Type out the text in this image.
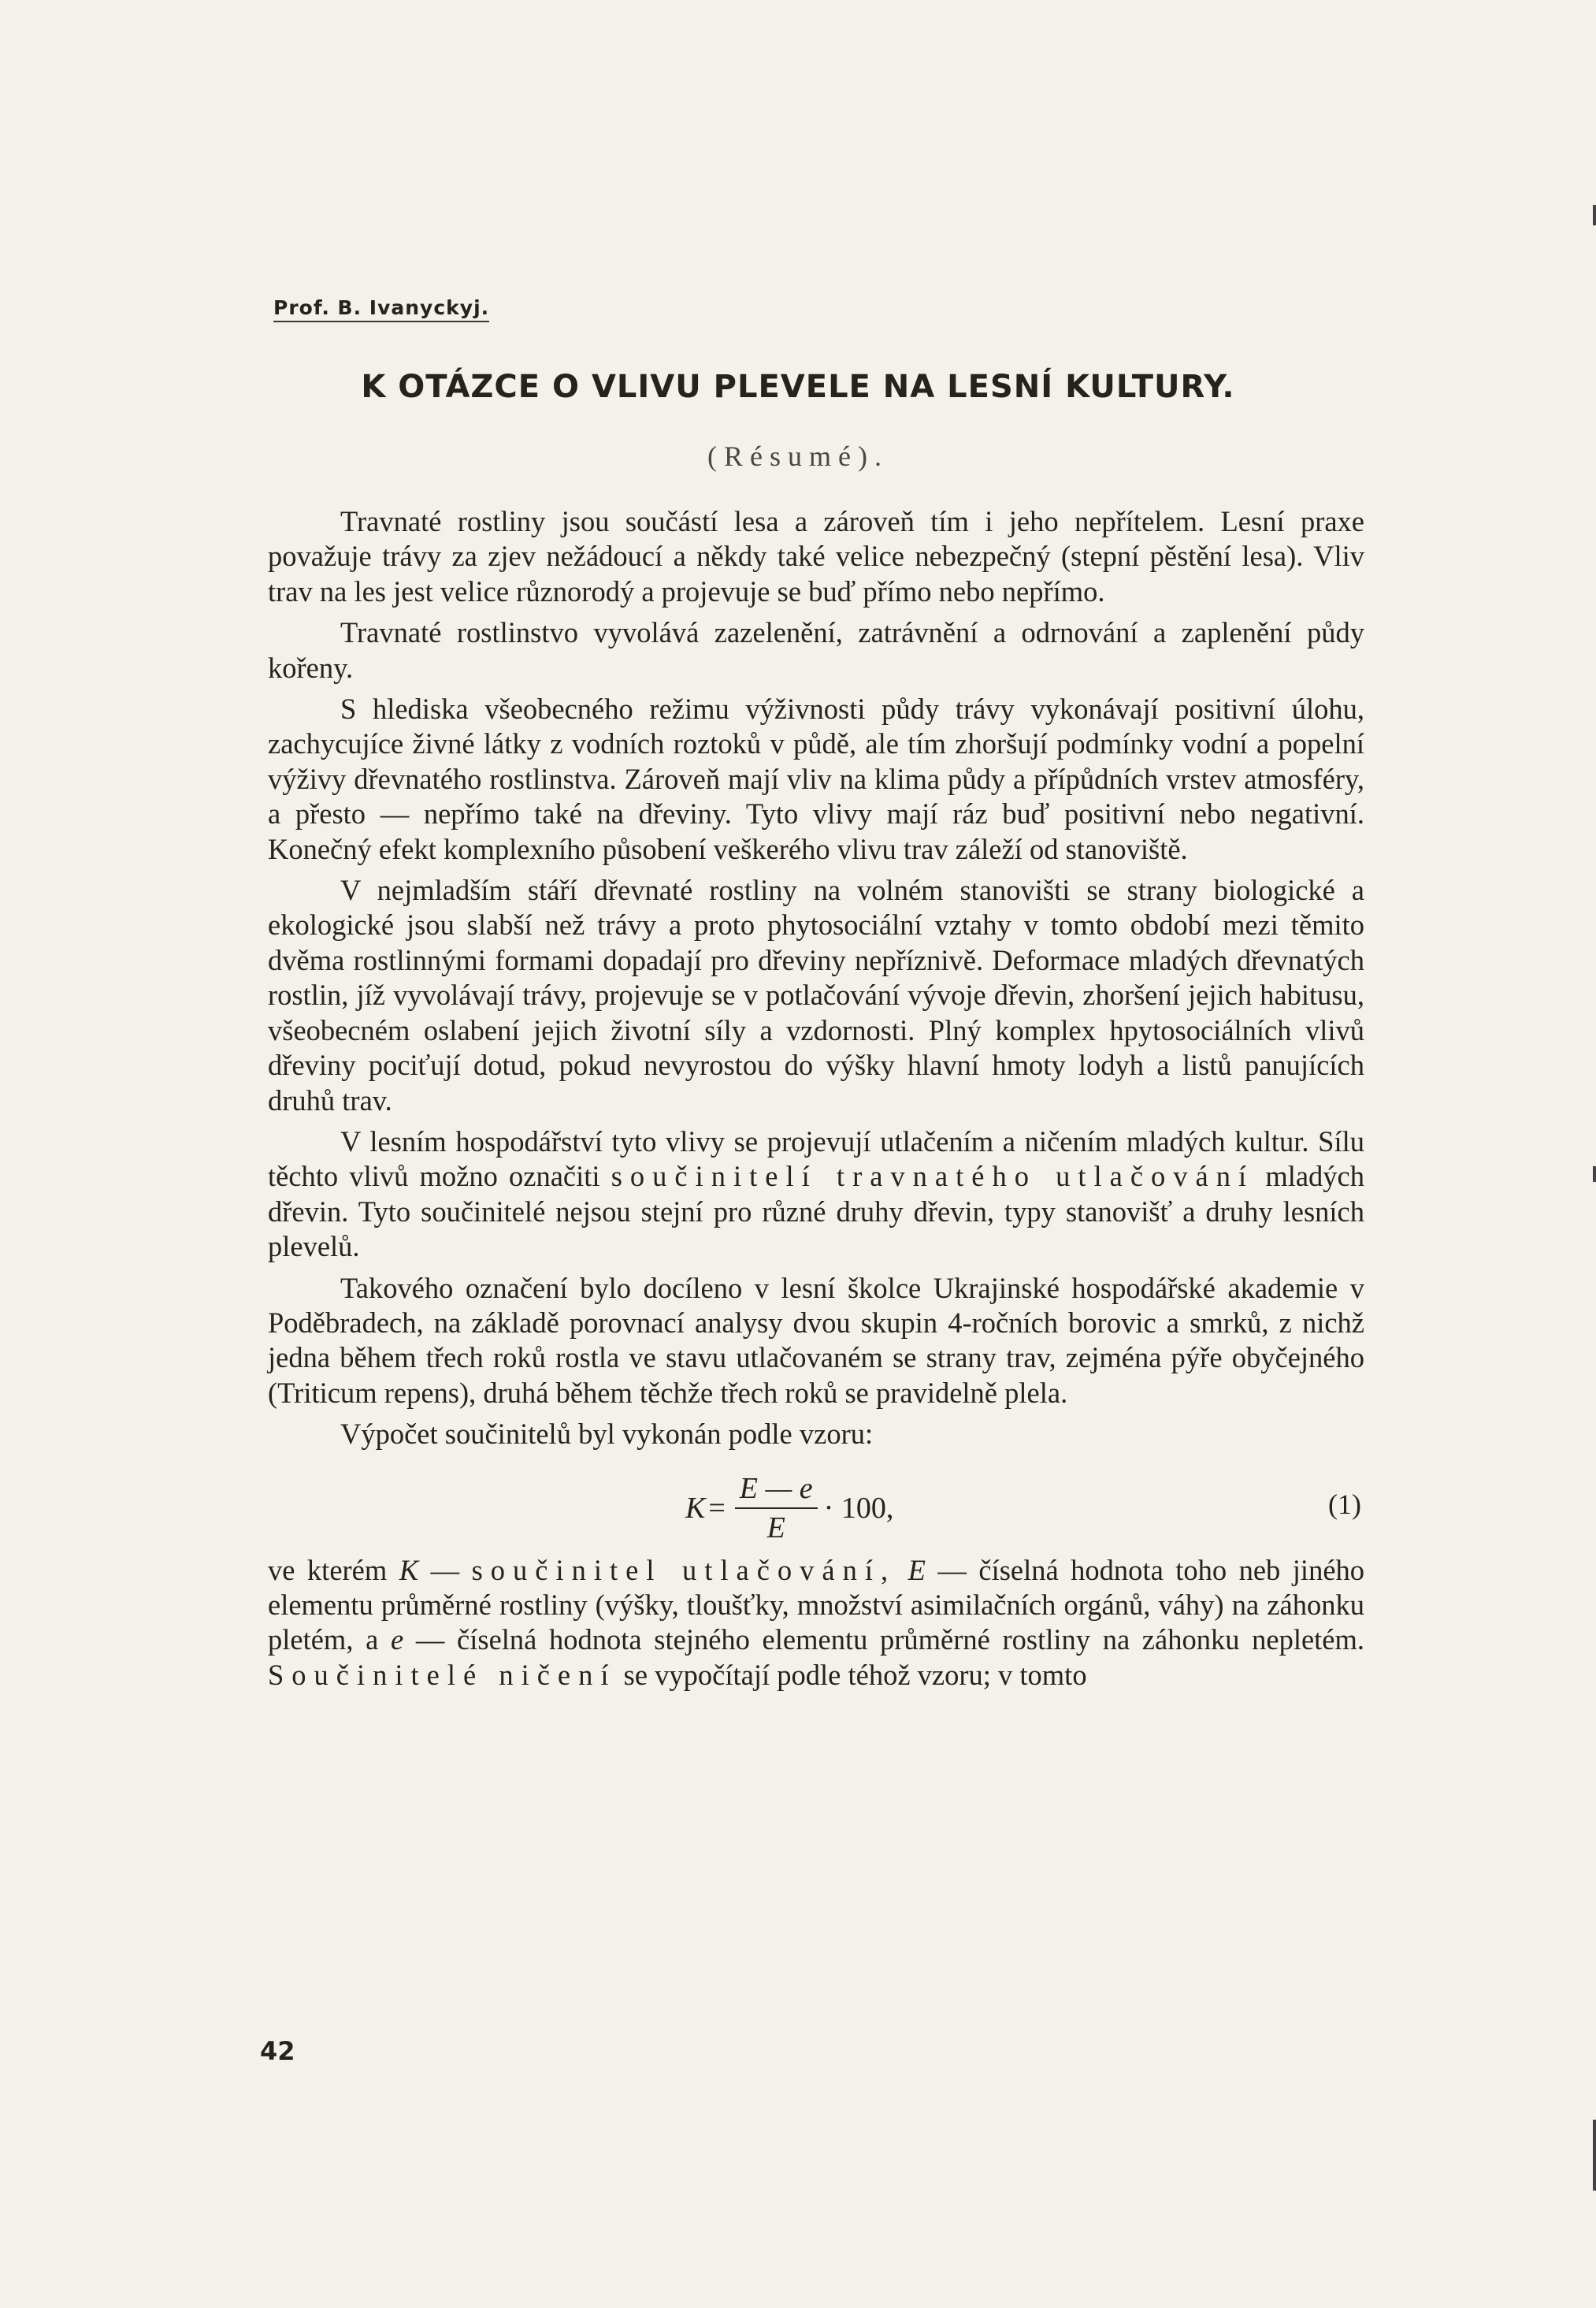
Prof. B. Ivanyckyj.
K OTÁZCE O VLIVU PLEVELE NA LESNÍ KULTURY.
(Résumé).

Travnaté rostliny jsou součástí lesa a zároveň tím i jeho nepřítelem. Lesní praxe považuje trávy za zjev nežádoucí a někdy také velice nebezpečný (stepní pěstění lesa). Vliv trav na les jest velice různorodý a projevuje se buď přímo nebo nepřímo.

Travnaté rostlinstvo vyvolává zazelenění, zatrávnění a odrnování a zaplenění půdy kořeny.

S hlediska všeobecného režimu výživnosti půdy trávy vykonávají positivní úlohu, zachycujíce živné látky z vodních roztoků v půdě, ale tím zhoršují podmínky vodní a popelní výživy dřevnatého rostlinstva. Zároveň mají vliv na klima půdy a přípůdních vrstev atmosféry, a přesto — nepřímo také na dřeviny. Tyto vlivy mají ráz buď positivní nebo negativní. Konečný efekt komplexního působení veškerého vlivu trav záleží od stanoviště.

V nejmladším stáří dřevnaté rostliny na volném stanovišti se strany biologické a ekologické jsou slabší než trávy a proto phytosociální vztahy v tomto období mezi těmito dvěma rostlinnými formami dopadají pro dřeviny nepříznivě. Deformace mladých dřevnatých rostlin, jíž vyvolávají trávy, projevuje se v potlačování vývoje dřevin, zhoršení jejich habitusu, všeobecném oslabení jejich životní síly a vzdornosti. Plný komplex hpytosociálních vlivů dřeviny pociťují dotud, pokud nevyrostou do výšky hlavní hmoty lodyh a listů panujících druhů trav.

V lesním hospodářství tyto vlivy se projevují utlačením a ničením mladých kultur. Sílu těchto vlivů možno označiti součinitelí travnatého utlačování mladých dřevin. Tyto součinitelé nejsou stejní pro různé druhy dřevin, typy stanovišť a druhy lesních plevelů.

Takového označení bylo docíleno v lesní školce Ukrajinské hospodářské akademie v Poděbradech, na základě porovnací analysy dvou skupin 4-ročních borovic a smrků, z nichž jedna během třech roků rostla ve stavu utlačovaném se strany trav, zejména pýře obyčejného (Triticum repens), druhá během těchže třech roků se pravidelně plela.

Výpočet součinitelů byl vykonán podle vzoru:

$K = \frac{E — e}{E} \cdot 100$,	(1)

ve kterém K — součinitel utlačování, E — číselná hodnota toho neb jiného elementu průměrné rostliny (výšky, tloušťky, množství asimilačních orgánů, váhy) na záhonku pletém, a e — číselná hodnota stejného elementu průměrné rostliny na záhonku nepletém. Součinitelé ničení se vypočítají podle téhož vzoru; v tomto

42
